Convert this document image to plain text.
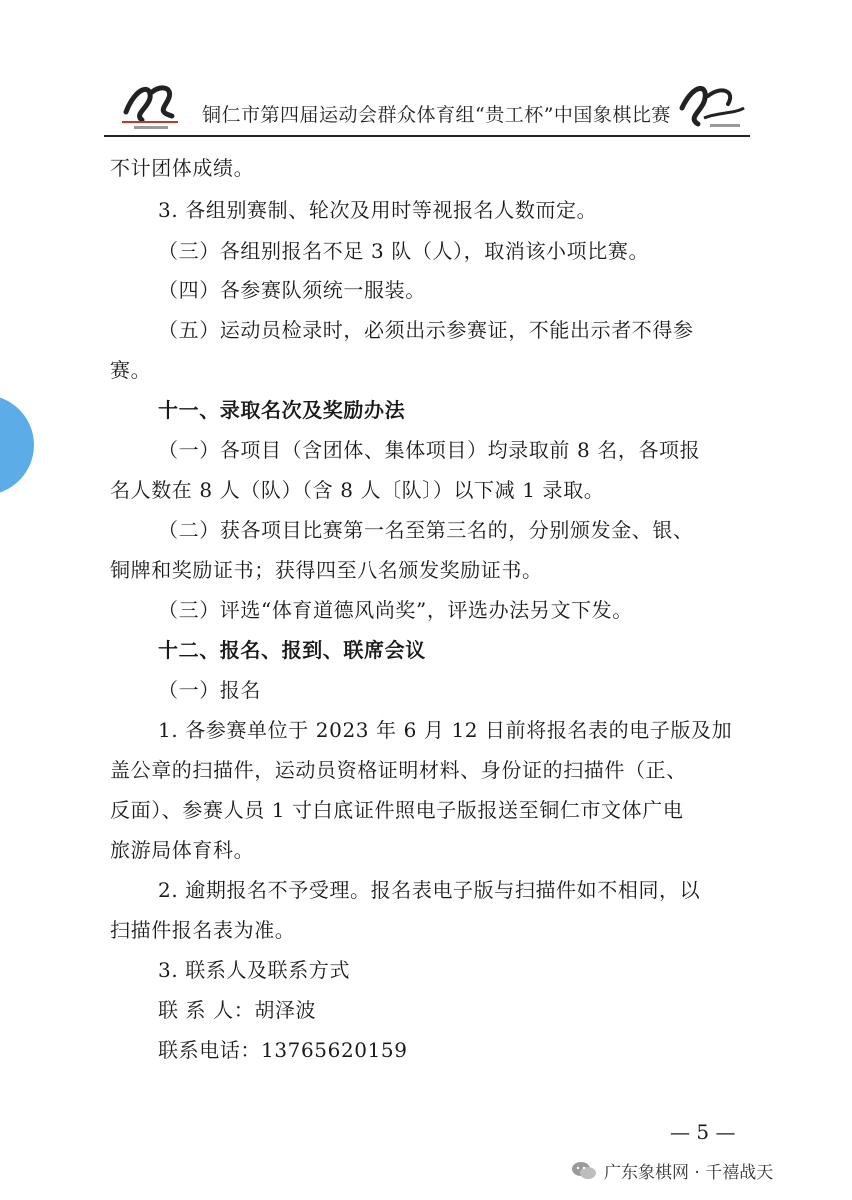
铜仁市第四届运动会群众体育组“贵工杯”中国象棋比赛
不计团体成绩。
3. 各组别赛制、轮次及用时等视报名人数而定。
（三）各组别报名不足 3 队（人），取消该小项比赛。
（四）各参赛队须统一服装。
（五）运动员检录时，必须出示参赛证，不能出示者不得参
赛。
十一、录取名次及奖励办法
（一）各项目（含团体、集体项目）均录取前 8 名，各项报
名人数在 8 人（队）（含 8 人〔队〕）以下减 1 录取。
（二）获各项目比赛第一名至第三名的，分别颁发金、银、
铜牌和奖励证书；获得四至八名颁发奖励证书。
（三）评选“体育道德风尚奖”，评选办法另文下发。
十二、报名、报到、联席会议
（一）报名
1. 各参赛单位于 2023 年 6 月 12 日前将报名表的电子版及加
盖公章的扫描件，运动员资格证明材料、身份证的扫描件（正、
反面）、参赛人员 1 寸白底证件照电子版报送至铜仁市文体广电
旅游局体育科。
2. 逾期报名不予受理。报名表电子版与扫描件如不相同，以
扫描件报名表为准。
3. 联系人及联系方式
联 系 人：胡泽波
联系电话：13765620159
— 5 —
广东象棋网 · 千禧战天
